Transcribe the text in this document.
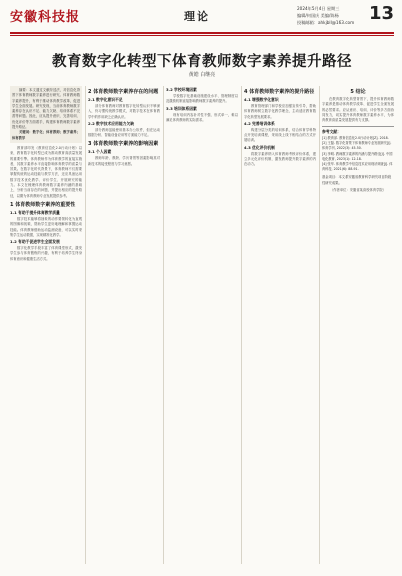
安徽科技报	理论
2024年5月4日 星期三
编辑/何国庆 美编/陈杨
投稿邮箱：ahkjbll@163.com 13
教育数字化转型下体育教师数字素养提升路径
黄皓 白继亮
摘要：本文通过文献综述法，对信息化背景下体育教师数字素养进行研究。体育教师数字素养提升，有利于推动体育教学改革，促进学生全面发展。研究发现，当前体育教师数字素养存在认识不足、能力欠缺、培训体系不完善等问题。因此，应从提升意识、完善培训、优化评价等方面着手，构建体育教师数字素养提升路径。
关键词：数字化；体育教师；数字素养；体育教学
教育部印发《教育信息化2.0行动计划》以来，教育数字化转型已成为推动教育高质量发展的重要引擎。体育教师作为体育教学的直接实施者，其数字素养水平直接影响体育教学的质量与效果。在数字化时代背景下，体育教师不仅需要掌握传统的运动技能与教学方法，还应具备运用数字技术优化教学、评价学生、开展研究的能力。本文在梳理体育教师数字素养内涵的基础上，分析当前存在的问题，并提出相应的提升路径，以期为体育教师专业发展提供参考。
1 体育教师数字素养的重要性
1.1 有助于提升体育教学质量
数字技术能够将抽象的动作要领转化为直观的图像和视频，帮助学生更好地理解和掌握运动技能。体育教师借助运动监测设备，可以实时采集学生运动数据，实现精准化教学。
1.2 有助于促进学生全面发展
数字化教学手段丰富了体育课堂形式，激发学生参与体育锻炼的兴趣，有利于培养学生终身体育意识和健康生活方式。
2 体育教师数字素养存在的问题
2.1 数字化意识不足
部分体育教师对教育数字化转型认识不够深入，仍习惯传统教学模式，对数字技术在体育教学中的作用缺乏正确认识。
2.2 数字技术应用能力欠缺
部分教师虽能使用基本办公软件，但在运动数据分析、智能设备应用等方面能力不足。
3 体育教师数字素养的影响因素
3.1 个人因素
教师年龄、教龄、学历背景等因素影响其对新技术的接受程度与学习意愿。
3.2 学校环境因素
学校数字化基础设施建设水平、管理制度以及激励机制直接影响教师数字素养的提升。
3.3 培训体系因素
现有培训内容针对性不强、形式单一，难以满足体育教师的实际需求。
4 体育教师数字素养的提升路径
4.1 增强数字化意识
教育管理部门和学校应加强宣传引导，帮助体育教师树立数字化教学理念，主动适应教育数字化转型发展要求。
4.2 完善培训体系
构建分层分类的培训体系，结合体育学科特点开发培训课程，采用线上线下相结合的方式开展培训。
4.3 优化评价机制
将数字素养纳入体育教师考核评价体系，建立多元化评价机制，激发教师提升数字素养的内在动力。
5 结论
在教育数字化转型背景下，提升体育教师数字素养是推动体育教学改革、促进学生全面发展的必然要求。应从意识、培训、评价等多方面协同发力，切实提升体育教师数字素养水平，为体育教育高质量发展提供有力支撑。
参考文献：
[1] 教育部. 教育信息化2.0行动计划[Z]. 2018.
[2] 王磊. 数字化背景下体育教师专业发展研究[J]. 体育学刊, 2022(3): 45-50.
[3] 李明. 教师数字素养的内涵与提升路径[J]. 中国电化教育, 2023(1): 12-18.
[4] 张华. 体育教学中信息技术应用现状调查[J]. 体育科技, 2021(6): 88-91.
基金项目：本文系安徽省教育科学研究项目阶段性研究成果。
（作者单位：安徽省某高校体育学院）
